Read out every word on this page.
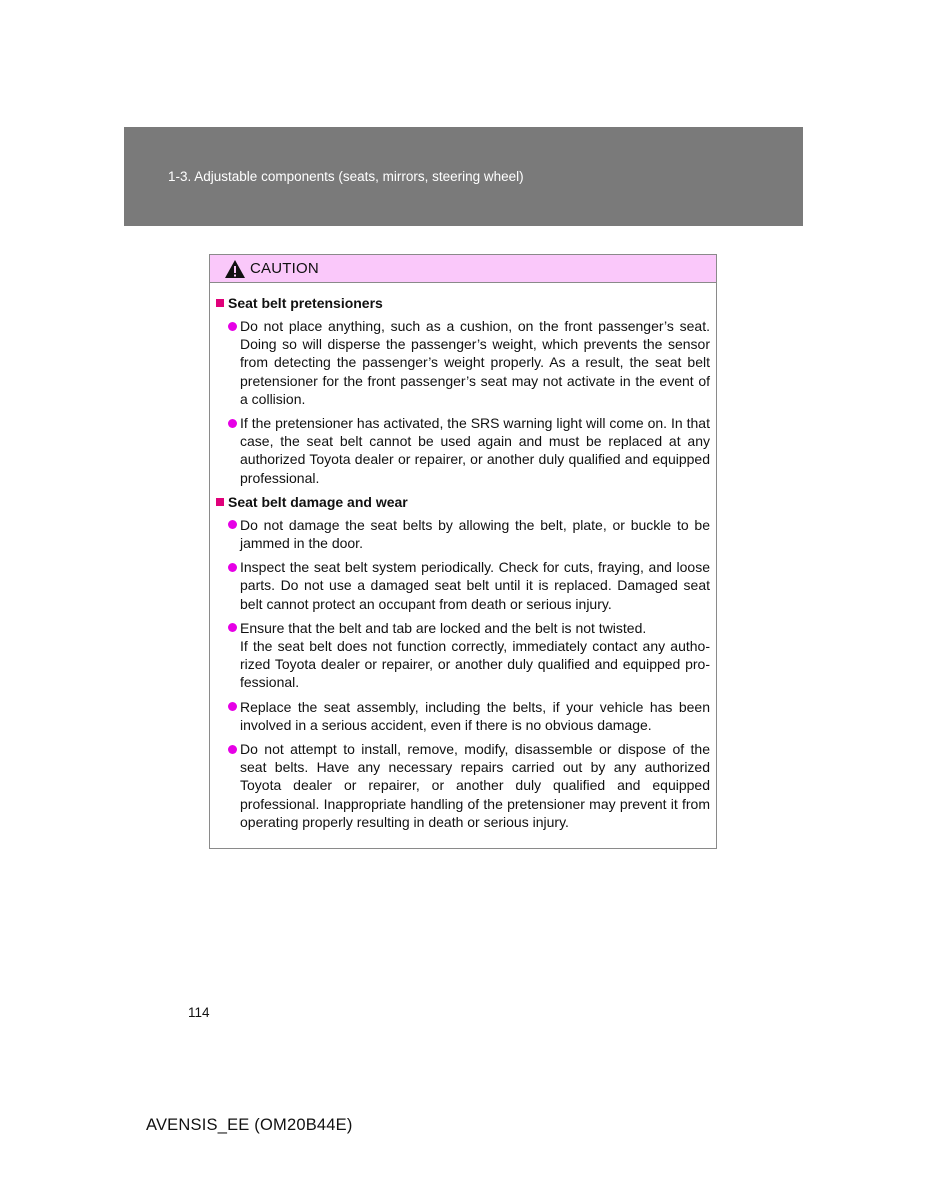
1-3. Adjustable components (seats, mirrors, steering wheel)
CAUTION
Seat belt pretensioners

Do not place anything, such as a cushion, on the front passenger’s seat. Doing so will disperse the passenger’s weight, which prevents the sensor from detecting the passenger’s weight properly. As a result, the seat belt pretensioner for the front passenger’s seat may not activate in the event of a collision.

If the pretensioner has activated, the SRS warning light will come on. In that case, the seat belt cannot be used again and must be replaced at any authorized Toyota dealer or repairer, or another duly qualified and equipped professional.

Seat belt damage and wear

Do not damage the seat belts by allowing the belt, plate, or buckle to be jammed in the door.

Inspect the seat belt system periodically. Check for cuts, fraying, and loose parts. Do not use a damaged seat belt until it is replaced. Damaged seat belt cannot protect an occupant from death or serious injury.

Ensure that the belt and tab are locked and the belt is not twisted.

If the seat belt does not function correctly, immediately contact any authorized Toyota dealer or repairer, or another duly qualified and equipped professional.

Replace the seat assembly, including the belts, if your vehicle has been involved in a serious accident, even if there is no obvious damage.

Do not attempt to install, remove, modify, disassemble or dispose of the seat belts. Have any necessary repairs carried out by any authorized Toyota dealer or repairer, or another duly qualified and equipped professional. Inappropriate handling of the pretensioner may prevent it from operating properly resulting in death or serious injury.

114
AVENSIS_EE (OM20B44E)
